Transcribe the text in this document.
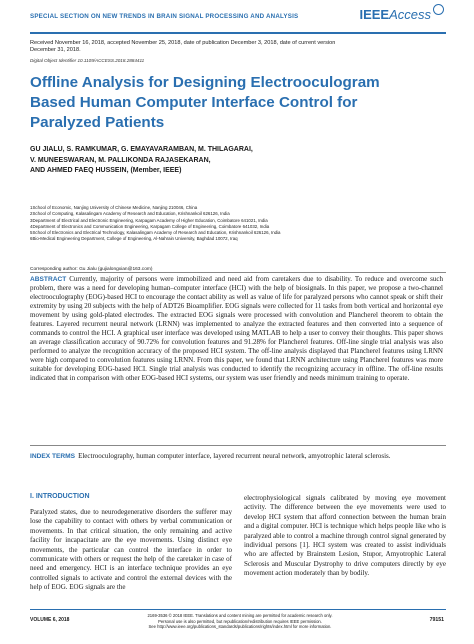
SPECIAL SECTION ON NEW TRENDS IN BRAIN SIGNAL PROCESSING AND ANALYSIS	IEEE Access
Received November 16, 2018, accepted November 25, 2018, date of publication December 3, 2018, date of current version December 31, 2018.
Digital Object Identifier 10.1109/ACCESS.2018.2884411
Offline Analysis for Designing Electrooculogram Based Human Computer Interface Control for Paralyzed Patients
GU JIALU, S. RAMKUMAR, G. EMAYAVARAMBAN, M. THILAGARAI,
V. MUNEESWARAN, M. PALLIKONDA RAJASEKARAN,
AND AHMED FAEQ HUSSEIN, (Member, IEEE)
1School of Economic, Nanjing University of Chinese Medicine, Nanjing 210046, China
2School of Computing, Kalasalingam Academy of Research and Education, Krishnankoil 626126, India
3Department of Electrical and Electronic Engineering, Karpagam Academy of Higher Education, Coimbatore 641021, India
4Department of Electronics and Communication Engineering, Karpagam College of Engineering, Coimbatore 641032, India
5School of Electronics and Electrical Technology, Kalasalingam Academy of Research and Education, Krishnankoil 626126, India
6Bio-Medical Engineering Department, College of Engineering, Al-Nahrain University, Baghdad 10072, Iraq
Corresponding author: Gu Jialu (gujialongxian@163.com)
ABSTRACT Currently, majority of persons were immobilized and need aid from caretakers due to disability. To reduce and overcome such problem, there was a need for developing human–computer interface (HCI) with the help of biosignals. In this paper, we propose a two-channel electrooculography (EOG)-based HCI to encourage the contact ability as well as value of life for paralyzed persons who cannot speak or shift their extremity by using 20 subjects with the help of ADT26 Bioamplifier. EOG signals were collected for 11 tasks from both vertical and horizontal eye movement by using gold-plated electrodes. The extracted EOG signals were processed with convolution and Plancherel theorem to obtain the features. Layered recurrent neural network (LRNN) was implemented to analyze the extracted features and then converted into a sequence of commands to control the HCI. A graphical user interface was developed using MATLAB to help a user to convey their thoughts. This paper shows an average classification accuracy of 90.72% for convolution features and 91.28% for Plancherel features. Off-line single trial analysis was also performed to analyze the recognition accuracy of the proposed HCI system. The off-line analysis displayed that Plancherel features using LRNN were high compared to convolution features using LRNN. From this paper, we found that LRNN architecture using Plancherel features was more suitable for developing EOG-based HCI. Single trial analysis was conducted to identify the recognizing accuracy in offline. The off-line results indicated that in comparison with other EOG-based HCI systems, our system was user friendly and needs minimum training to operate.
INDEX TERMS Electrooculography, human computer interface, layered recurrent neural network, amyotrophic lateral sclerosis.
I. INTRODUCTION
Paralyzed states, due to neurodegenerative disorders the sufferer may lose the capability to contact with others by verbal communication or movements. In that critical situation, the only remaining and active facility for incapacitate are the eye movements. Using distinct eye movements, the particular can control the interface in order to communicate with others or request the help of the caretaker in case of need and emergency. HCI is an interface technique provides an eye controlled signals to activate and control the external devices with the help of EOG. EOG signals are the
electrophysiological signals calibrated by moving eye movement activity. The difference between the eye movements were used to develop HCI system that afford connection between the human brain and a digital computer. HCI is technique which helps people like who is paralyzed able to control a machine through control signal generated by individual persons [1]. HCI system was created to assist individuals who are affected by Brainstem Lesion, Stupor, Amyotrophic Lateral Sclerosis and Muscular Dystrophy to drive computers directly by eye movement action moderately than by bodily.
VOLUME 6, 2018
2169-3536 © 2018 IEEE. Translations and content mining are permitted for academic research only.
Personal use is also permitted, but republication/redistribution requires IEEE permission.
See http://www.ieee.org/publications_standards/publications/rights/index.html for more information.
79151
